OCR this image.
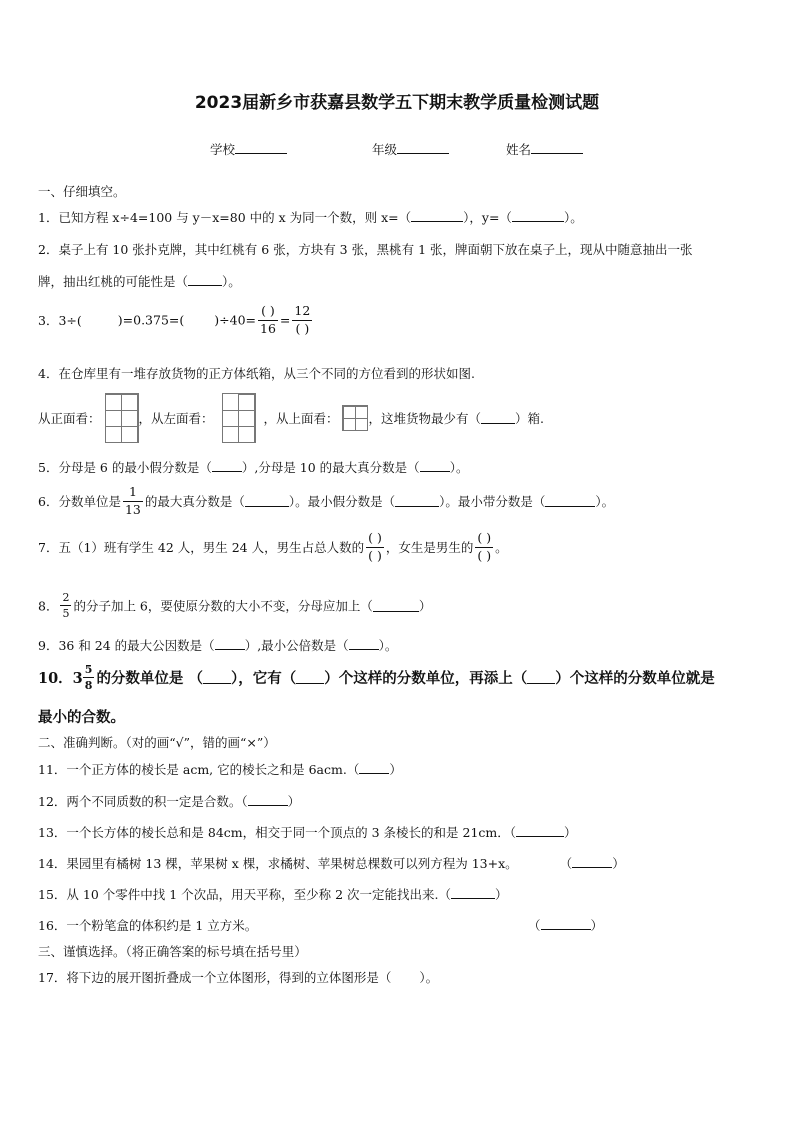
2023届新乡市获嘉县数学五下期末教学质量检测试题
学校	年级	姓名
一、仔细填空。
1．已知方程 x÷4=100 与 y－x=80 中的 x 为同一个数，则 x=（	），y=（	）。
2．桌子上有 10 张扑克牌，其中红桃有 6 张，方块有 3 张，黑桃有 1 张，牌面朝下放在桌子上，现从中随意抽出一张
牌，抽出红桃的可能性是（	）。
3．3÷(	)=0.375=( )$\div 40= \frac{( )}{16} = \frac{12}{( )}$
4．在仓库里有一堆存放货物的正方体纸箱，从三个不同的方位看到的形状如图.
从正面看：	，从左面看：	，从上面看： ，这堆货物最少有（	）箱.
5．分母是 6 的最小假分数是（ ）,分母是 10 的最大真分数是（ ）。
6．分数单位是 $\frac{1}{13}$ 的最大真分数是（	）。最小假分数是（	）。最小带分数是（	）。
7．五（1）班有学生 42 人，男生 24 人，男生占总人数的 $\frac{( )}{( )}$ ，女生是男生的 $\frac{( )}{( )}$ 。
8． $\frac{2}{5}$ 的分子加上 6，要使原分数的大小不变，分母应加上（	）
9．36 和 24 的最大公因数是（ ）,最小公倍数是（ ）。
10．$3 \frac{5}{8}$ 的分数单位是 （ ），它有（ ）个这样的分数单位，再添上（ ）个这样的分数单位就是
最小的合数。
二、准确判断。（对的画“√”，错的画“×”）
11．一个正方体的棱长是 acm, 它的棱长之和是 6acm.（ ）
12．两个不同质数的积一定是合数。（	）
13．一个长方体的棱长总和是 84cm，相交于同一个顶点的 3 条棱长的和是 21cm．（	）
14．果园里有橘树 13 棵，苹果树 x 棵，求橘树、苹果树总棵数可以列方程为 13+x。	（	）
15．从 10 个零件中找 1 个次品，用天平称，至少称 2 次一定能找出来.（	）
16．一个粉笔盒的体积约是 1 立方米。	（	）
三、谨慎选择。（将正确答案的标号填在括号里）
17．将下边的展开图折叠成一个立体图形，得到的立体图形是（ ）。
